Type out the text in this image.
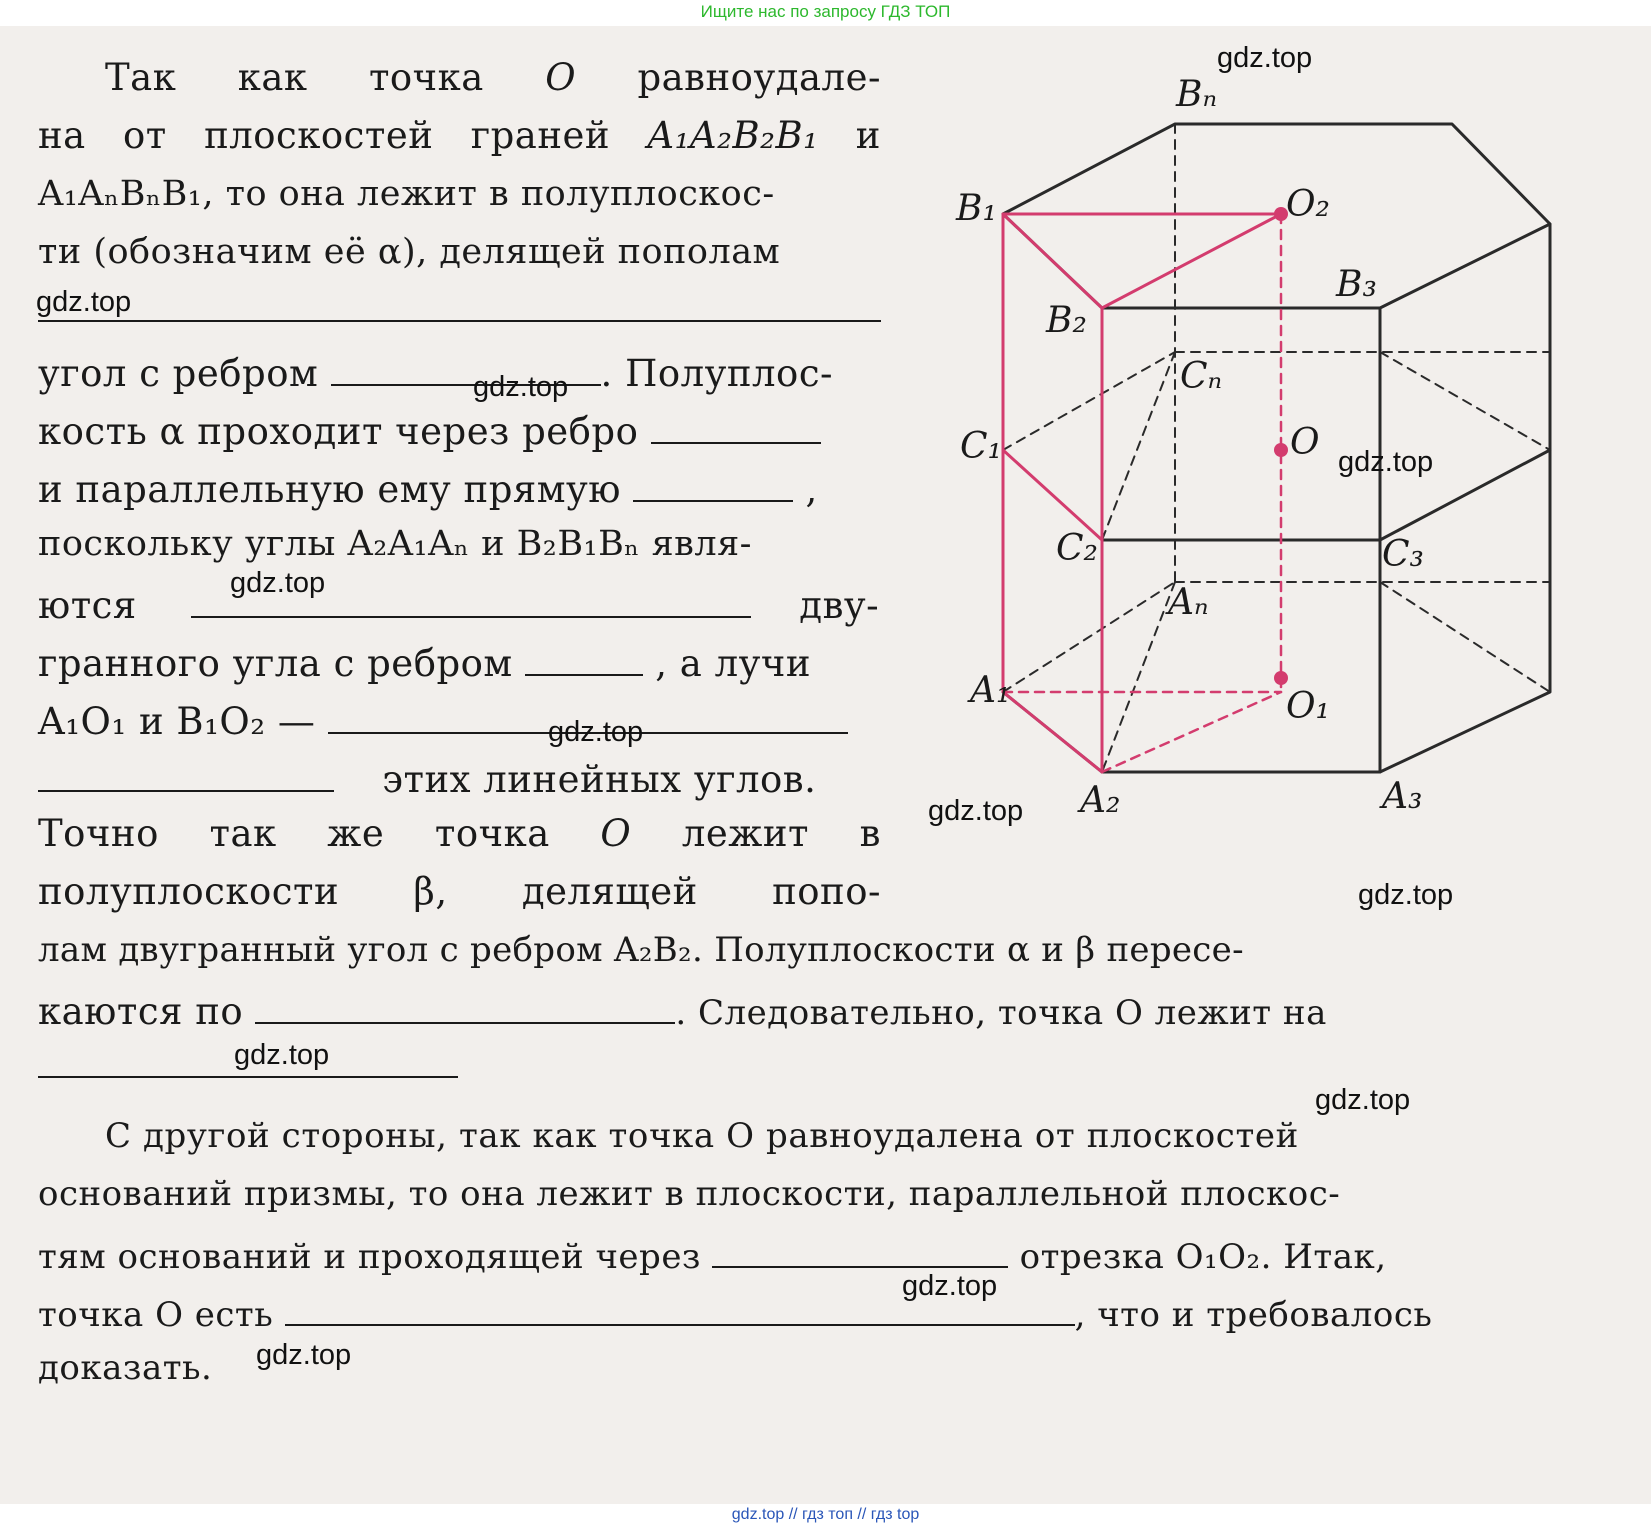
Ищите нас по запросу ГДЗ ТОП
Так как точка O равноудале-
на от плоскостей граней A₁A₂B₂B₁ и
A₁AₙBₙB₁, то она лежит в полуплоскос-
ти (обозначим её α), делящей пополам
угол с ребром	. Полуплос-
кость α проходит через ребро
и параллельную ему прямую	,
поскольку углы A₂A₁Aₙ и B₂B₁Bₙ явля-
ются	дву-
гранного угла с ребром	, а лучи
A₁O₁ и B₁O₂ —
этих линейных углов.
Точно так же точка O лежит в
полуплоскости β, делящей попо-
лам двугранный угол с ребром A₂B₂. Полуплоскости α и β пересе-
каются по	. Следовательно, точка O лежит на
С другой стороны, так как точка O равноудалена от плоскостей
оснований призмы, то она лежит в плоскости, параллельной плоскос-
тям оснований и проходящей через	отрезка O₁O₂. Итак,
точка O есть	, что и требовалось
доказать.
Bₙ
B₁	O₂
B₃
B₂
Cₙ
C₁	O
C₂	C₃
Aₙ
A₁	O₁
A₂	A₃
gdz.top
gdz.top
gdz.top
gdz.top
gdz.top
gdz.top
gdz.top
gdz.top
gdz.top
gdz.top
gdz.top
gdz.top
gdz.top // гдз топ // гдз top
